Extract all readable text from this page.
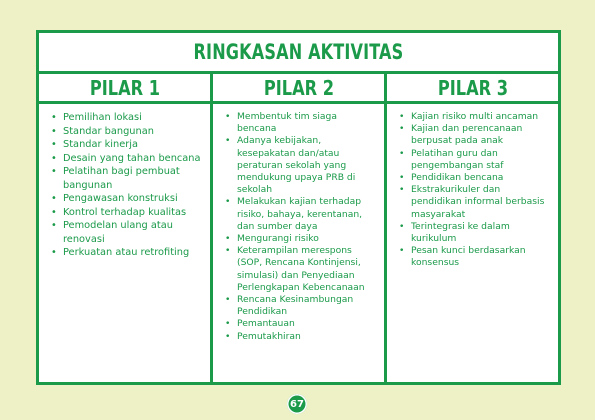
RINGKASAN AKTIVITAS
PILAR 1
• Pemilihan lokasi
• Standar bangunan
• Standar kinerja
• Desain yang tahan bencana
• Pelatihan bagi pembuat bangunan
• Pengawasan konstruksi
• Kontrol terhadap kualitas
• Pemodelan ulang atau renovasi
• Perkuatan atau retrofiting
PILAR 2
• Membentuk tim siaga bencana
• Adanya kebijakan, kesepakatan dan/atau peraturan sekolah yang mendukung upaya PRB di sekolah
• Melakukan kajian terhadap risiko, bahaya, kerentanan, dan sumber daya
• Mengurangi risiko
• Keterampilan merespons (SOP, Rencana Kontinjensi, simulasi) dan Penyediaan Perlengkapan Kebencanaan
• Rencana Kesinambungan Pendidikan
• Pemantauan
• Pemutakhiran
PILAR 3
• Kajian risiko multi ancaman
• Kajian dan perencanaan berpusat pada anak
• Pelatihan guru dan pengembangan staf
• Pendidikan bencana
• Ekstrakurikuler dan pendidikan informal berbasis masyarakat
• Terintegrasi ke dalam kurikulum
• Pesan kunci berdasarkan konsensus
67
